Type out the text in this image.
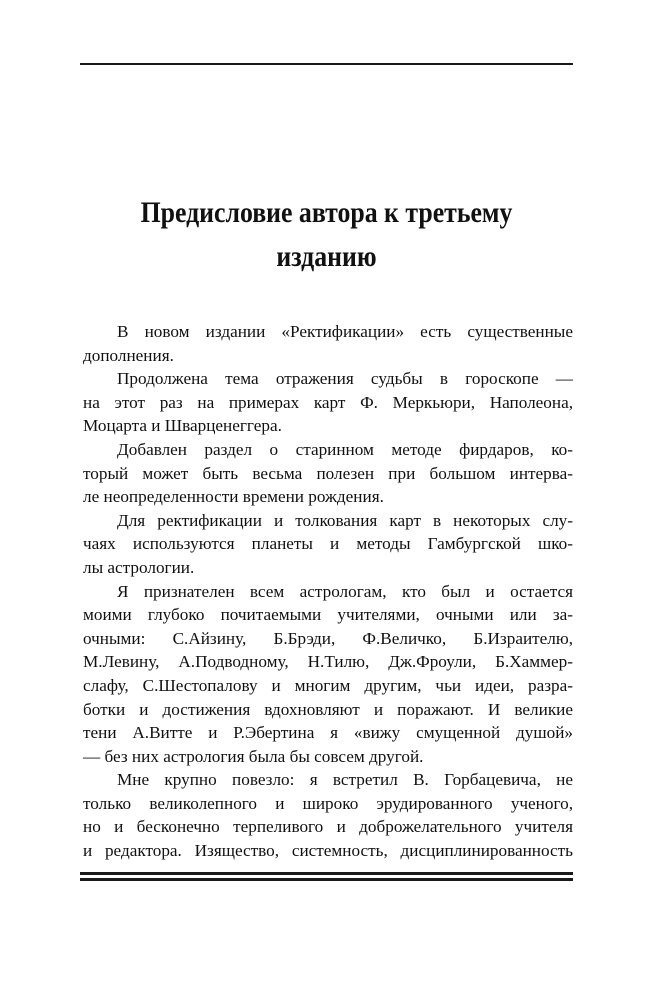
Предисловие автора к третьему
изданию
В новом издании «Ректификации» есть существенные
дополнения.
Продолжена тема отражения судьбы в гороскопе —
на этот раз на примерах карт Ф. Меркьюри, Наполеона,
Моцарта и Шварценеггера.
Добавлен раздел о старинном методе фирдаров, ко-
торый может быть весьма полезен при большом интерва-
ле неопределенности времени рождения.
Для ректификации и толкования карт в некоторых слу-
чаях используются планеты и методы Гамбургской шко-
лы астрологии.
Я признателен всем астрологам, кто был и остается
моими глубоко почитаемыми учителями, очными или за-
очными: С.Айзину, Б.Брэди, Ф.Величко, Б.Израителю,
М.Левину, А.Подводному, Н.Тилю, Дж.Фроули, Б.Хаммер-
слафу, С.Шестопалову и многим другим, чьи идеи, разра-
ботки и достижения вдохновляют и поражают. И великие
тени А.Витте и Р.Эбертина я «вижу смущенной душой»
— без них астрология была бы совсем другой.
Мне крупно повезло: я встретил В. Горбацевича, не
только великолепного и широко эрудированного ученого,
но и бесконечно терпеливого и доброжелательного учителя
и редактора. Изящество, системность, дисциплинированность
